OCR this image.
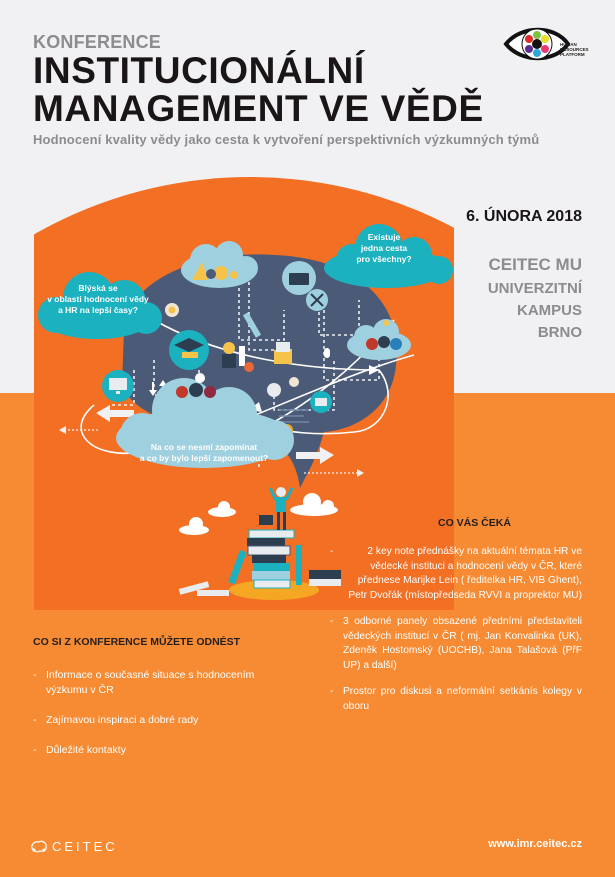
Blýská se
v oblasti hodnocení vědy
a HR na lepší časy?
Existuje
jedna cesta
pro všechny?
Na co se nesmí zapomínat
a co by bylo lepší zapomenout?
KONFERENCE
INSTITUCIONÁLNÍ
MANAGEMENT VE VĚDĚ
Hodnocení kvality vědy jako cesta k vytvoření perspektivních výzkumných týmů
HUMAN
RESOURCES
PLATFORM
6. ÚNORA 2018
CEITEC MU
UNIVERZITNÍ
KAMPUS
BRNO
CO VÁS ČEKÁ
- 2 key note přednášky na aktuální témata HR ve vědecké instituci a hodnocení vědy v ČR, které přednese Marijke Lein ( ředitelka HR, VIB Ghent), Petr Dvořák (místopředseda RVVI a proprektor MU)
- 3 odborné panely obsazené předními představiteli vědeckých institucí v ČR ( mj. Jan Konvalinka (UK), Zdeněk Hostomský (UOCHB), Jana Talašová (PřF UP) a další)
- Prostor pro diskusi a neformální setkánís kolegy v oboru
CO SI Z KONFERENCE MŮŽETE ODNÉST
- Informace o současné situace s hodnocením výzkumu v ČR
- Zajímavou inspiraci a dobré rady
- Důležité kontakty
CEITEC	www.imr.ceitec.cz
